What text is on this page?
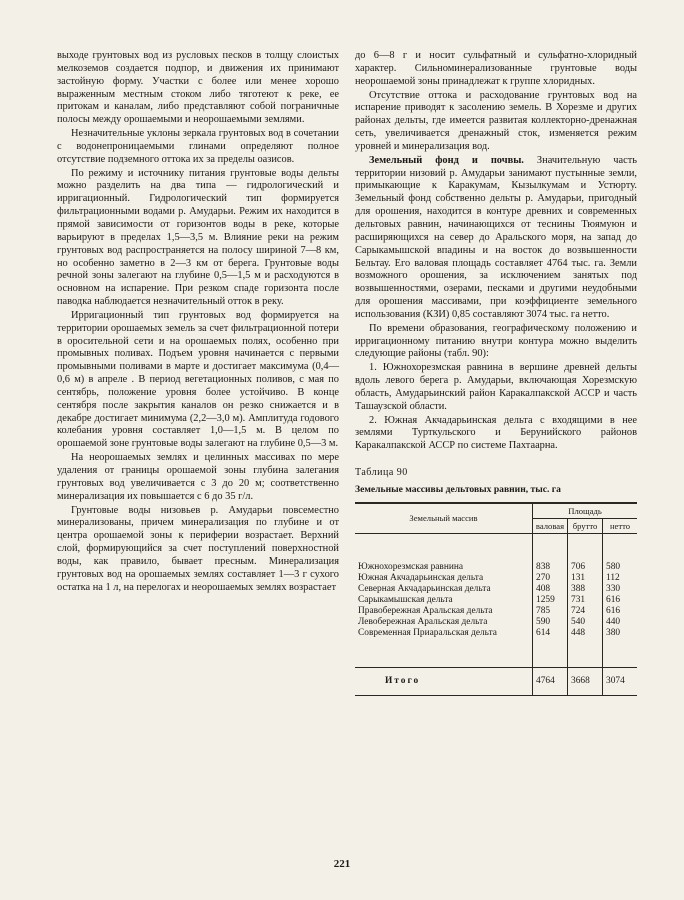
выходе грунтовых вод из русловых песков в толщу слоистых мелкоземов создается подпор, и движения их принимают застойную форму. Участки с более или менее хорошо выраженным местным стоком либо тяготеют к реке, ее притокам и каналам, либо представляют собой пограничные полосы между орошаемыми и неорошаемыми землями.

Незначительные уклоны зеркала грунтовых вод в сочетании с водонепроницаемыми глинами определяют полное отсутствие подземного оттока их за пределы оазисов.

По режиму и источнику питания грунтовые воды дельты можно разделить на два типа — гидрологический и ирригационный. Гидрологический тип формируется фильтрационными водами р. Амударьи. Режим их находится в прямой зависимости от горизонтов воды в реке, которые варьируют в пределах 1,5—3,5 м. Влияние реки на режим грунтовых вод распространяется на полосу шириной 7—8 км, но особенно заметно в 2—3 км от берега. Грунтовые воды речной зоны залегают на глубине 0,5—1,5 м и расходуются в основном на испарение. При резком спаде горизонта после паводка наблюдается незначительный отток в реку.

Ирригационный тип грунтовых вод формируется на территории орошаемых земель за счет фильтрационной потери в оросительной сети и на орошаемых полях, особенно при промывных поливах. Подъем уровня начинается с первыми промывными поливами в марте и достигает максимума (0,4—0,6 м) в апреле . В период вегетационных поливов, с мая по сентябрь, положение уровня более устойчиво. В конце сентября после закрытия каналов он резко снижается и в декабре достигает минимума (2,2—3,0 м). Амплитуда годового колебания уровня составляет 1,0—1,5 м. В целом по орошаемой зоне грунтовые воды залегают на глубине 0,5—3 м.

На неорошаемых землях и целинных массивах по мере удаления от границы орошаемой зоны глубина залегания грунтовых вод увеличивается с 3 до 20 м; соответственно минерализация их повышается с 6 до 35 г/л.

Грунтовые воды низовьев р. Амударьи повсеместно минерализованы, причем минерализация по глубине и от центра орошаемой зоны к периферии возрастает. Верхний слой, формирующийся за счет поступлений поверхностной воды, как правило, бывает пресным. Минерализация грунтовых вод на орошаемых землях составляет 1—3 г сухого остатка на 1 л, на перелогах и неорошаемых землях возрастает

до 6—8 г и носит сульфатный и сульфатно-хлоридный характер. Сильноминерализованные грунтовые воды неорошаемой зоны принадлежат к группе хлоридных.

Отсутствие оттока и расходование грунтовых вод на испарение приводят к засолению земель. В Хорезме и других районах дельты, где имеется развитая коллекторно-дренажная сеть, увеличивается дренажный сток, изменяется режим уровней и минерализация вод.

Земельный фонд и почвы. Значительную часть территории низовий р. Амударьи занимают пустынные земли, примыкающие к Каракумам, Кызылкумам и Устюрту. Земельный фонд собственно дельты р. Амударьи, пригодный для орошения, находится в контуре древних и современных дельтовых равнин, начинающихся от теснины Тюямуюн и расширяющихся на север до Аральского моря, на запад до Сарыкамышской впадины и на восток до возвышенности Бельтау. Его валовая площадь составляет 4764 тыс. га. Земли возможного орошения, за исключением занятых под возвышенностями, озерами, песками и другими неудобными для орошения массивами, при коэффициенте земельного использования (КЗИ) 0,85 составляют 3074 тыс. га нетто.

По времени образования, географическому положению и ирригационному питанию внутри контура можно выделить следующие районы (табл. 90):

1. Южнохорезмская равнина в вершине древней дельты вдоль левого берега р. Амударьи, включающая Хорезмскую область, Амударьинский район Каракалпакской АССР и часть Ташаузской области.

2. Южная Акчадарьинская дельта с входящими в нее землями Турткульского и Берунийского районов Каракалпакской АССР по системе Пахтаарна.

Таблица 90
Земельные массивы дельтовых равнин, тыс. га
Земельный массив	Площадь		
	валовая	брутто	нетто

Южнохорезмская равнина	838	706	580
Южная Акчадарьинская дельта	270	131	112
Северная Акчадарьинская дельта	408	388	330
Сарыкамышская дельта	1259	731	616
Правобережная Аральская дельта	785	724	616
Левобережная Аральская дельта	590	540	440
Современная Приаральская дельта	614	448	380

Итого	4764	3668	3074
221
